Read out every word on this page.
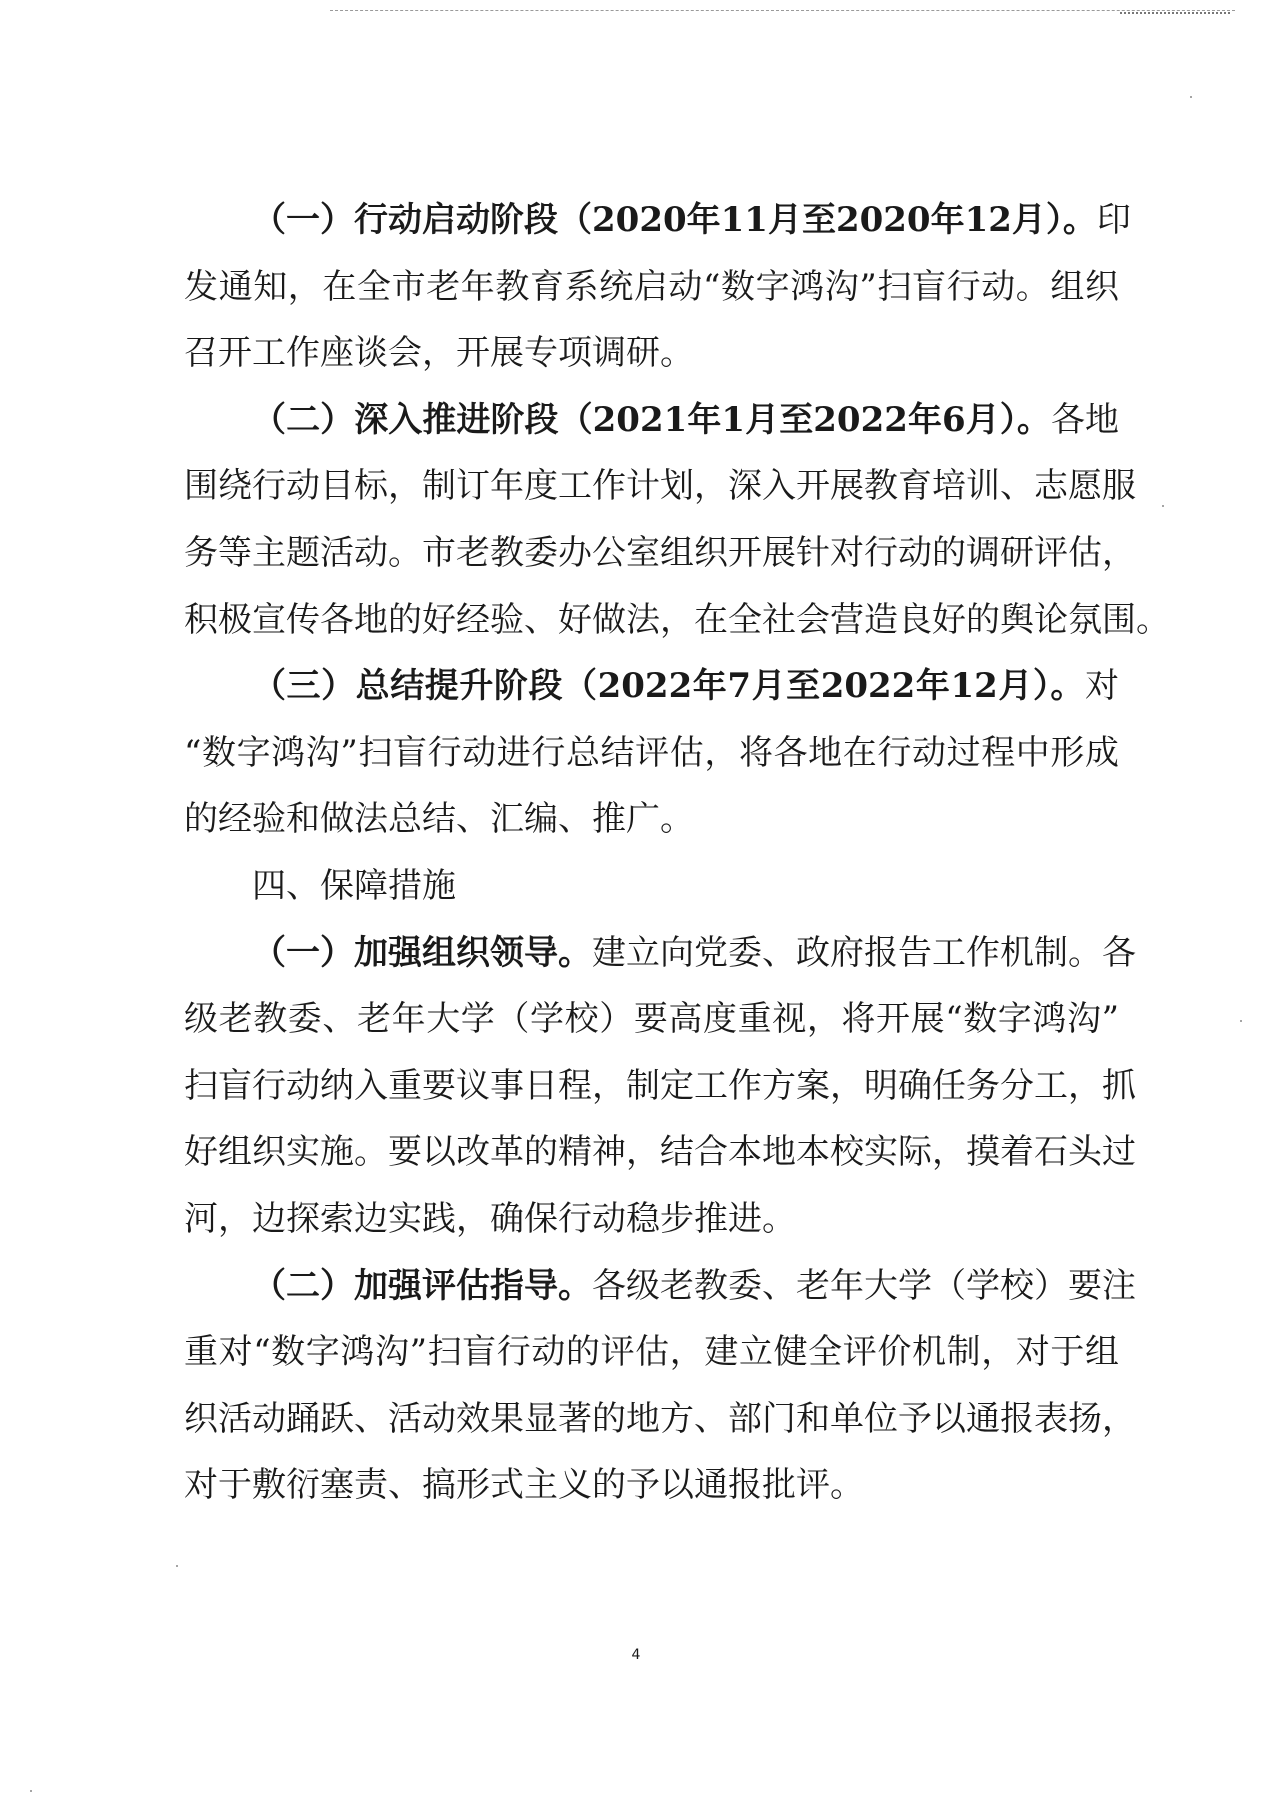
（一）行动启动阶段（2020年11月至2020年12月）。印
发通知，在全市老年教育系统启动“数字鸿沟”扫盲行动。组织
召开工作座谈会，开展专项调研。
（二）深入推进阶段（2021年1月至2022年6月）。各地
围绕行动目标，制订年度工作计划，深入开展教育培训、志愿服
务等主题活动。市老教委办公室组织开展针对行动的调研评估，
积极宣传各地的好经验、好做法，在全社会营造良好的舆论氛围。
（三）总结提升阶段（2022年7月至2022年12月）。对
“数字鸿沟”扫盲行动进行总结评估，将各地在行动过程中形成
的经验和做法总结、汇编、推广。
四、保障措施
（一）加强组织领导。建立向党委、政府报告工作机制。各
级老教委、老年大学（学校）要高度重视，将开展“数字鸿沟”
扫盲行动纳入重要议事日程，制定工作方案，明确任务分工，抓
好组织实施。要以改革的精神，结合本地本校实际，摸着石头过
河，边探索边实践，确保行动稳步推进。
（二）加强评估指导。各级老教委、老年大学（学校）要注
重对“数字鸿沟”扫盲行动的评估，建立健全评价机制，对于组
织活动踊跃、活动效果显著的地方、部门和单位予以通报表扬，
对于敷衍塞责、搞形式主义的予以通报批评。
4
